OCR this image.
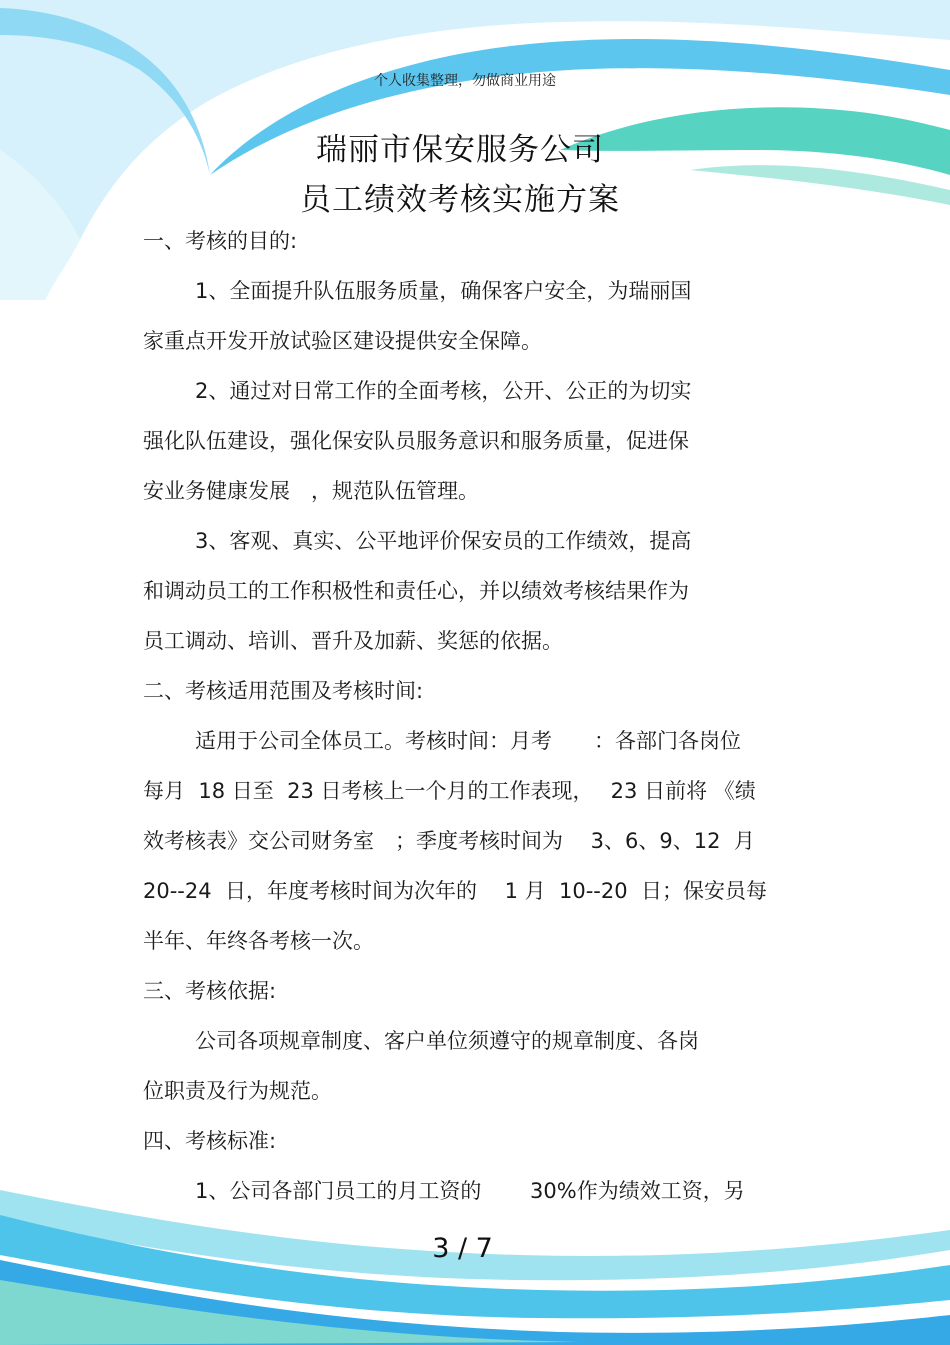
个人收集整理，勿做商业用途
瑞丽市保安服务公司
员工绩效考核实施方案
一、考核的目的:
1、全面提升队伍服务质量，确保客户安全，为瑞丽国
家重点开发开放试验区建设提供安全保障。
2、通过对日常工作的全面考核，公开、公正的为切实
强化队伍建设，强化保安队员服务意识和服务质量，促进保
安业务健康发展　，规范队伍管理。
3、客观、真实、公平地评价保安员的工作绩效，提高
和调动员工的工作积极性和责任心，并以绩效考核结果作为
员工调动、培训、晋升及加薪、奖惩的依据。
二、考核适用范围及考核时间:
适用于公司全体员工。考核时间：月考　　：各部门各岗位
每月  18 日至  23 日考核上一个月的工作表现，　 23 日前将 《绩
效考核表》交公司财务室　；季度考核时间为　 3、6、9、12  月
20--24  日，年度考核时间为次年的　 1 月  10--20  日；保安员每
半年、年终各考核一次。
三、考核依据:
公司各项规章制度、客户单位须遵守的规章制度、各岗
位职责及行为规范。
四、考核标准:
1、公司各部门员工的月工资的　　 30%作为绩效工资，另
3 / 7
